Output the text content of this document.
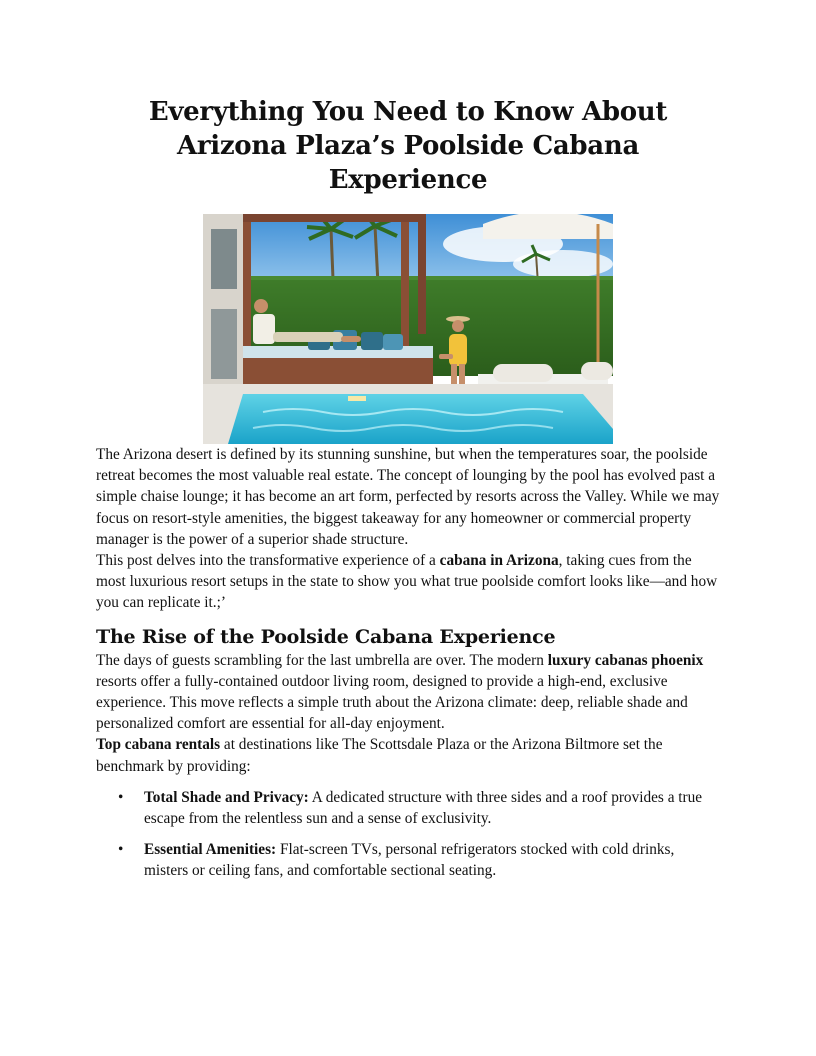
Everything You Need to Know About Arizona Plaza’s Poolside Cabana Experience

The Arizona desert is defined by its stunning sunshine, but when the temperatures soar, the poolside retreat becomes the most valuable real estate. The concept of lounging by the pool has evolved past a simple chaise lounge; it has become an art form, perfected by resorts across the Valley. While we may focus on resort-style amenities, the biggest takeaway for any homeowner or commercial property manager is the power of a superior shade structure.

This post delves into the transformative experience of a cabana in Arizona, taking cues from the most luxurious resort setups in the state to show you what true poolside comfort looks like—and how you can replicate it.;’

The Rise of the Poolside Cabana Experience

The days of guests scrambling for the last umbrella are over. The modern luxury cabanas phoenix resorts offer a fully-contained outdoor living room, designed to provide a high-end, exclusive experience. This move reflects a simple truth about the Arizona climate: deep, reliable shade and personalized comfort are essential for all-day enjoyment.

Top cabana rentals at destinations like The Scottsdale Plaza or the Arizona Biltmore set the benchmark by providing:

• Total Shade and Privacy: A dedicated structure with three sides and a roof provides a true escape from the relentless sun and a sense of exclusivity.
• Essential Amenities: Flat-screen TVs, personal refrigerators stocked with cold drinks, misters or ceiling fans, and comfortable sectional seating.
